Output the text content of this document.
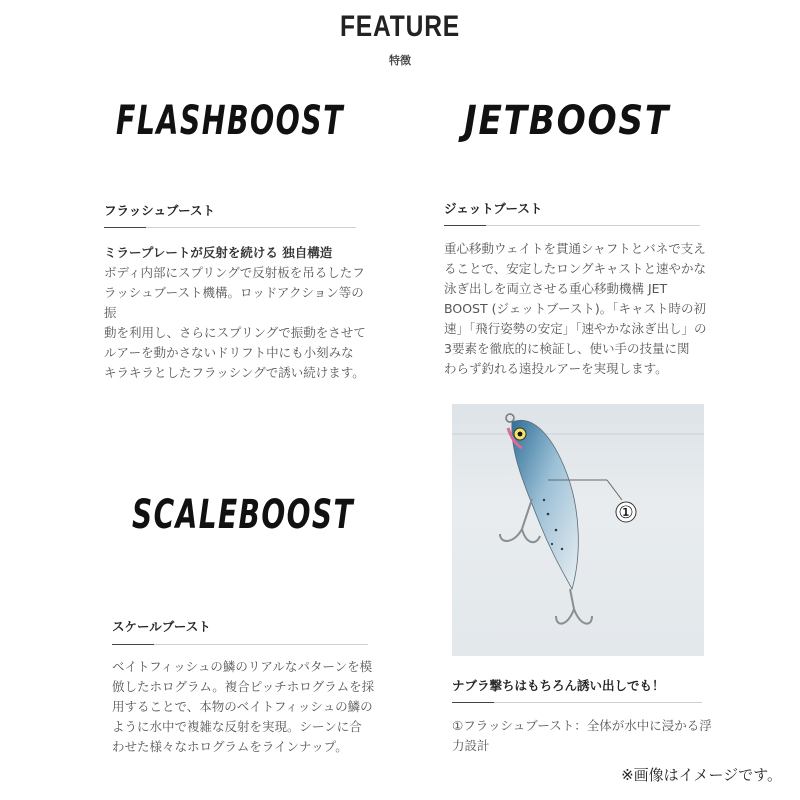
FEATURE
特徴
FLASHBOOST	JETBOOST
SCALEBOOST
フラッシュブースト
ミラープレートが反射を続ける 独自構造
ボディ内部にスプリングで反射板を吊るしたフ
ラッシュブースト機構。ロッドアクション等の振
動を利用し、さらにスプリングで振動をさせて
ルアーを動かさないドリフト中にも小刻みな
キラキラとしたフラッシングで誘い続けます。
ジェットブースト
重心移動ウェイトを貫通シャフトとバネで支え
ることで、安定したロングキャストと速やかな
泳ぎ出しを両立させる重心移動機構 JET
BOOST (ジェットブースト)。「キャスト時の初
速」「飛行姿勢の安定」「速やかな泳ぎ出し」の
3要素を徹底的に検証し、使い手の技量に関
わらず釣れる遠投ルアーを実現します。
①
ナブラ撃ちはもちろん誘い出しでも！
①フラッシュブースト：全体が水中に浸かる浮
力設計
スケールブースト
ベイトフィッシュの鱗のリアルなパターンを模
倣したホログラム。複合ピッチホログラムを採
用することで、本物のベイトフィッシュの鱗の
ように水中で複雑な反射を実現。シーンに合
わせた様々なホログラムをラインナップ。
※画像はイメージです。
